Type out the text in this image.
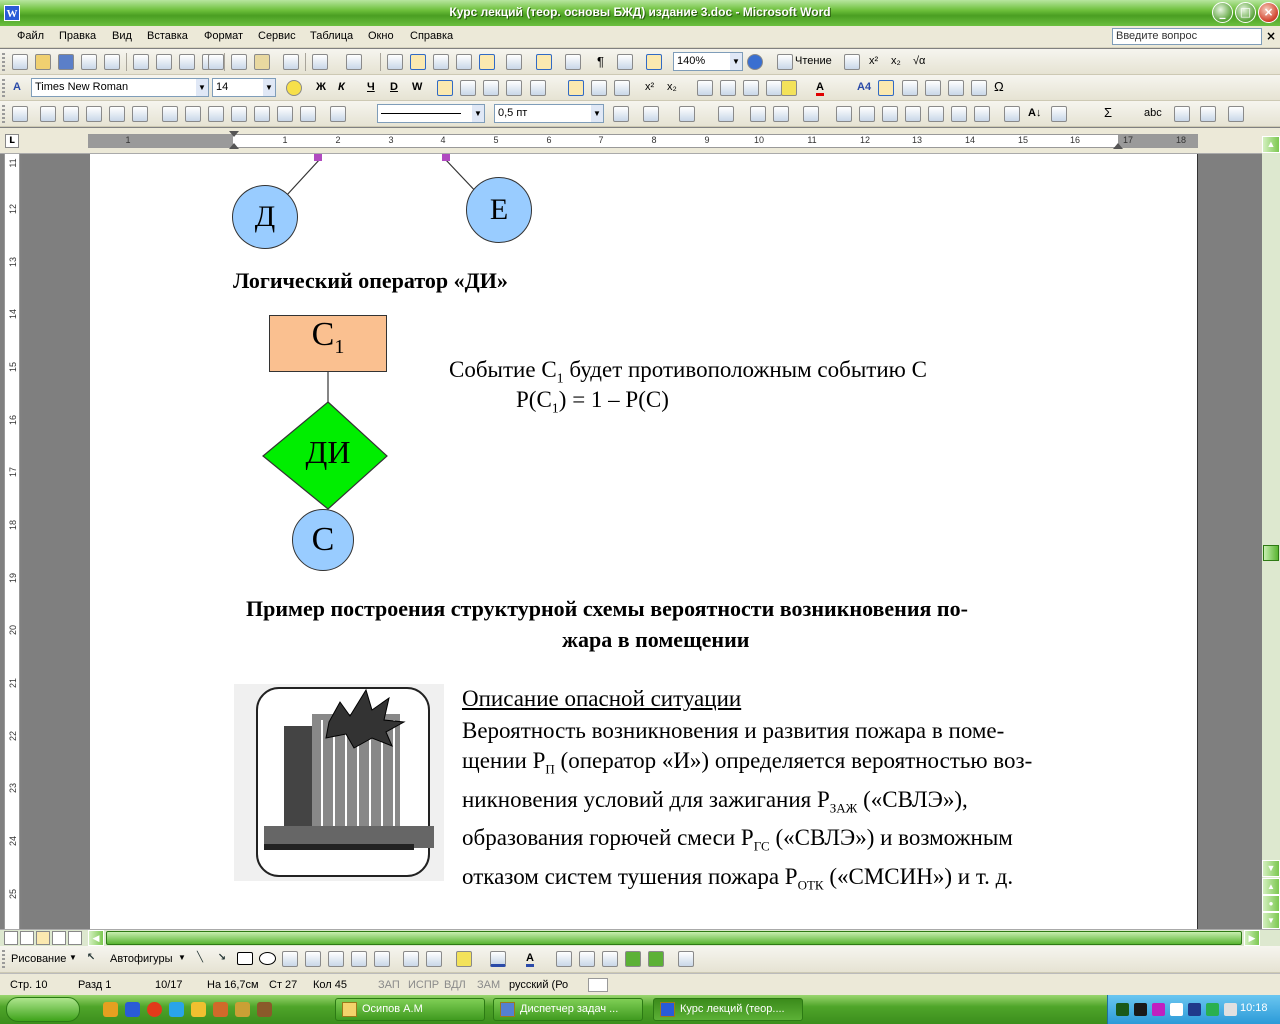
W	Курс лекций (теор. основы БЖД) издание 3.doc - Microsoft Word	_	□	×
Файл Правка Вид Вставка Формат Сервис Таблица Окно Справка	Введите вопрос	×
¶	140%	▼	Чтение	x² x₂ √α
A	Times New Roman	▼ 14	▼	Ж К Ч D W	x² x₂	A	A4	Ω
▼	0,5 пт	▼	A↓	Σ	abc
L	1	1	2	3	4	5	6	7	8	9	10	11	12	13	14	15	16	17	18
11
12
13
14
15
16
17
18
19
20
21
22
23
24
25
Д	Е
Логический оператор «ДИ»
$С_1$
ДИ
С
Событие $С_1$ будет противоположным событию С
$Р(С_1) = 1 - Р(С)$
Пример построения структурной схемы вероятности возникновения по-
жара в помещении
Описание опасной ситуации
Вероятность возникновения и развития пожара в поме-
щении $Р_П$ (оператор «И») определяется вероятностью воз-
никновения условий для зажигания $Р_{ЗАЖ}$ («СВЛЭ»),
образования горючей смеси $Р_{ГС}$ («СВЛЭ») и возможным
отказом систем тушения пожара $Р_{ОТК}$ («СМСИН») и т. д.
▲
▼
▲
●
▼
◀	▶
Рисование ▼ ↖	Автофигуры ▼	╲	↘	A
Стр. 10	Разд 1	10/17 На 16,7см Ст 27 Кол 45	ЗАП ИСПР ВДЛ ЗАМ русский (Ро
Осипов А.М	Диспетчер задач ...	Курс лекций (теор....	10:18
